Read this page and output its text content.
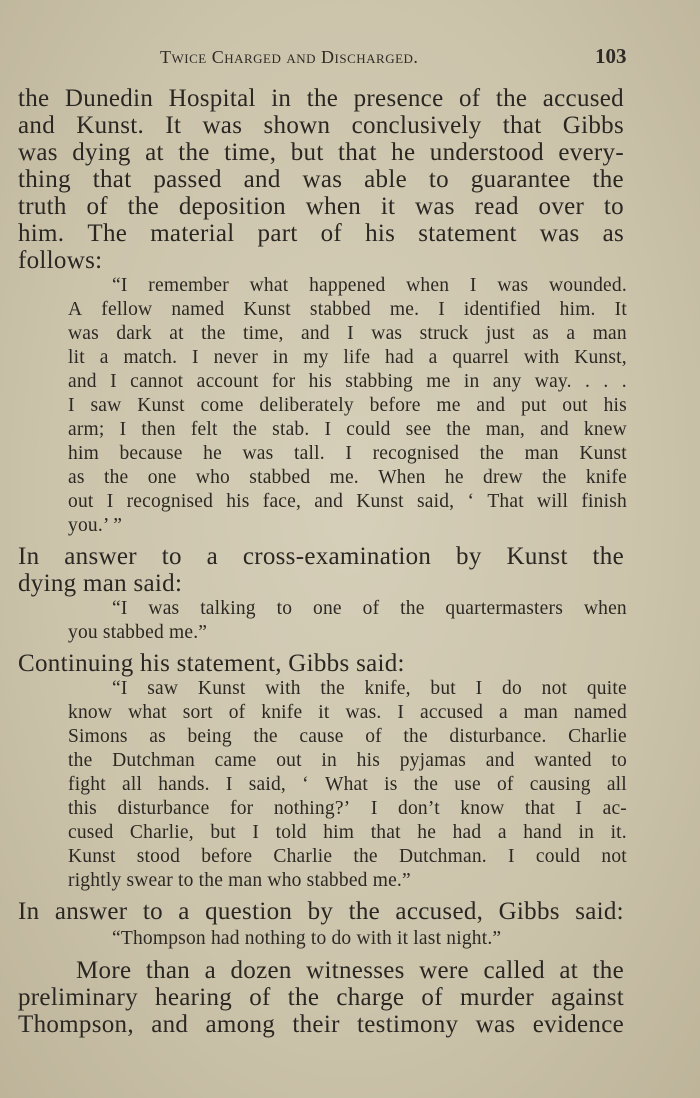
Twice Charged and Discharged.	103
the Dunedin Hospital in the presence of the accused
and Kunst. It was shown conclusively that Gibbs
was dying at the time, but that he understood every-
thing that passed and was able to guarantee the
truth of the deposition when it was read over to
him. The material part of his statement was as
follows:
“I remember what happened when I was wounded.
A fellow named Kunst stabbed me. I identified him. It
was dark at the time, and I was struck just as a man
lit a match. I never in my life had a quarrel with Kunst,
and I cannot account for his stabbing me in any way. . . .
I saw Kunst come deliberately before me and put out his
arm; I then felt the stab. I could see the man, and knew
him because he was tall. I recognised the man Kunst
as the one who stabbed me. When he drew the knife
out I recognised his face, and Kunst said, ‘ That will finish
you.’ ”
In answer to a cross-examination by Kunst the
dying man said:
“I was talking to one of the quartermasters when
you stabbed me.”
Continuing his statement, Gibbs said:
“I saw Kunst with the knife, but I do not quite
know what sort of knife it was. I accused a man named
Simons as being the cause of the disturbance. Charlie
the Dutchman came out in his pyjamas and wanted to
fight all hands. I said, ‘ What is the use of causing all
this disturbance for nothing?’ I don’t know that I ac-
cused Charlie, but I told him that he had a hand in it.
Kunst stood before Charlie the Dutchman. I could not
rightly swear to the man who stabbed me.”
In answer to a question by the accused, Gibbs said:
“Thompson had nothing to do with it last night.”
More than a dozen witnesses were called at the
preliminary hearing of the charge of murder against
Thompson, and among their testimony was evidence
